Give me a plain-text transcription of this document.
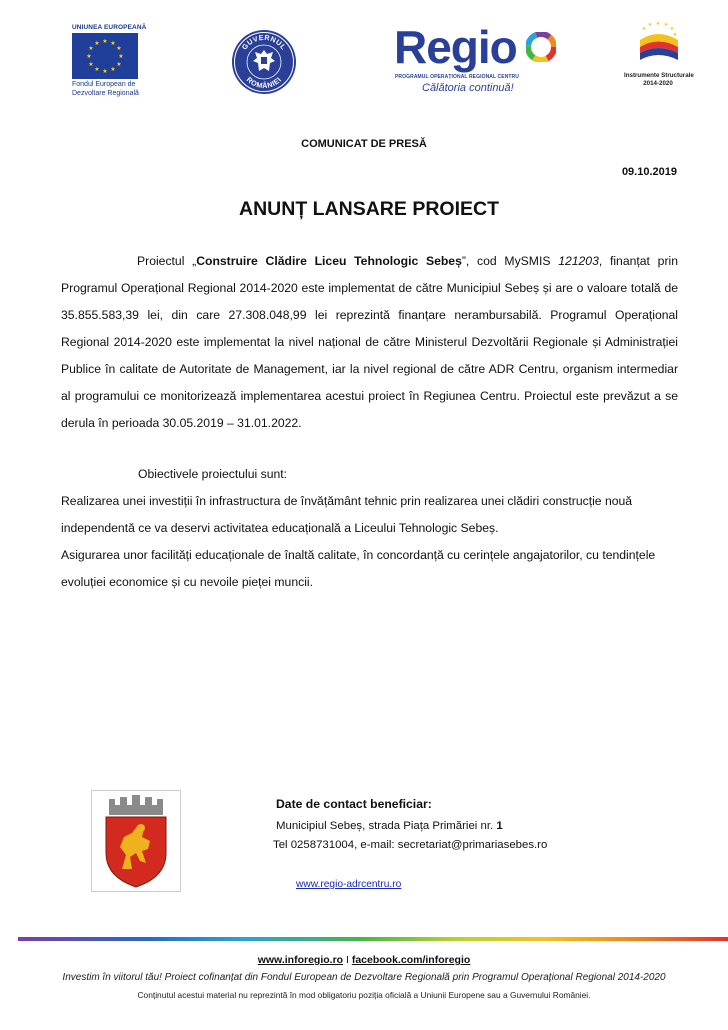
UNIUNEA EUROPEANĂ
★ ★
★
★
★
★
★
★
★
★
★
★
Fondul European de
Dezvoltare Regională
GUVERNUL
ROMÂNIEI
Regio
PROGRAMUL OPERAȚIONAL REGIONAL CENTRU
Călătoria continuă!
★ ★ ★
★
★
★
Instrumente Structurale
2014-2020
COMUNICAT DE PRESĂ
09.10.2019
ANUNȚ LANSARE PROIECT
Proiectul „Construire Clădire Liceu Tehnologic Sebeș”, cod MySMIS 121203, finanțat prin Programul Operațional Regional 2014-2020 este implementat de către Municipiul Sebeș și are o valoare totală de 35.855.583,39 lei, din care 27.308.048,99 lei reprezintă finanțare nerambursabilă. Programul Operațional Regional 2014-2020 este implementat la nivel național de către Ministerul Dezvoltării Regionale și Administrației Publice în calitate de Autoritate de Management, iar la nivel regional de către ADR Centru, organism intermediar al programului ce monitorizează implementarea acestui proiect în Regiunea Centru. Proiectul este prevăzut a se derula în perioada 30.05.2019 – 31.01.2022.
Obiectivele proiectului sunt:
Realizarea unei investiții în infrastructura de învățământ tehnic prin realizarea unei clădiri construcție nouă independentă ce va deservi activitatea educațională a Liceului Tehnologic Sebeș.
Asigurarea unor facilități educaționale de înaltă calitate, în concordanță cu cerințele angajatorilor, cu tendințele evoluției economice și cu nevoile pieței muncii.
Date de contact beneficiar:
Municipiul Sebeș, strada Piața Primăriei nr. 1
Tel 0258731004, e-mail: secretariat@primariasebes.ro
www.regio-adrcentru.ro
www.inforegio.ro I facebook.com/inforegio
Investim în viitorul tău! Proiect cofinanțat din Fondul European de Dezvoltare Regională prin Programul Operațional Regional 2014-2020
Conținutul acestui material nu reprezintă în mod obligatoriu poziția oficială a Uniunii Europene sau a Guvernului României.
